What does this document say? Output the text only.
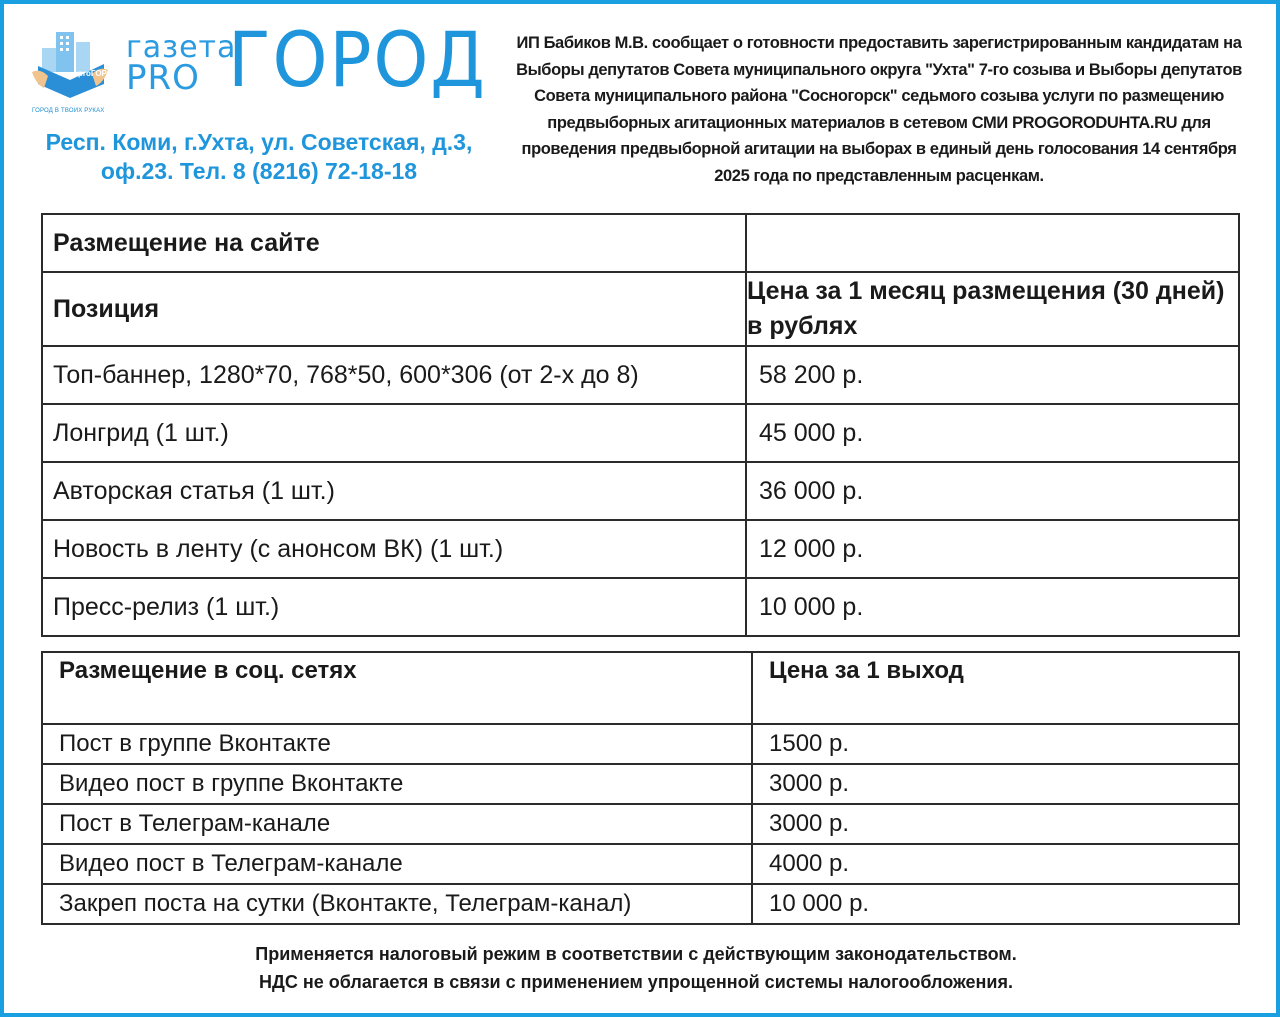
proГОРОД
ГОРОД В ТВОИХ РУКАХ
газета
PRO ГОРОД
Респ. Коми, г.Ухта, ул. Советская, д.3,
оф.23. Тел. 8 (8216) 72-18-18
ИП Бабиков М.В. сообщает о готовности предоставить зарегистрированным кандидатам на
Выборы депутатов Совета муниципального округа "Ухта" 7-го созыва и Выборы депутатов
Совета муниципального района "Сосногорск" седьмого созыва услуги по размещению
предвыборных агитационных материалов в сетевом СМИ PROGORODUHTA.RU для
проведения предвыборной агитации на выборах в единый день голосования 14 сентября
2025 года по представленным расценкам.
Размещение на сайте	
Позиция	Цена за 1 месяц размещения (30 дней) в рублях
Топ-баннер, 1280*70, 768*50, 600*306 (от 2-х до 8)	58 200 р.
Лонгрид (1 шт.)	45 000 р.
Авторская статья (1 шт.)	36 000 р.
Новость в ленту (с анонсом ВК) (1 шт.)	12 000 р.
Пресс-релиз (1 шт.)	10 000 р.
Размещение в соц. сетях	Цена за 1 выход
Пост в группе Вконтакте	1500 р.
Видео пост в группе Вконтакте	3000 р.
Пост в Телеграм-канале	3000 р.
Видео пост в Телеграм-канале	4000 р.
Закреп поста на сутки (Вконтакте, Телеграм-канал)	10 000 р.
Применяется налоговый режим в соответствии с действующим законодательством.
НДС не облагается в связи с применением упрощенной системы налогообложения.
